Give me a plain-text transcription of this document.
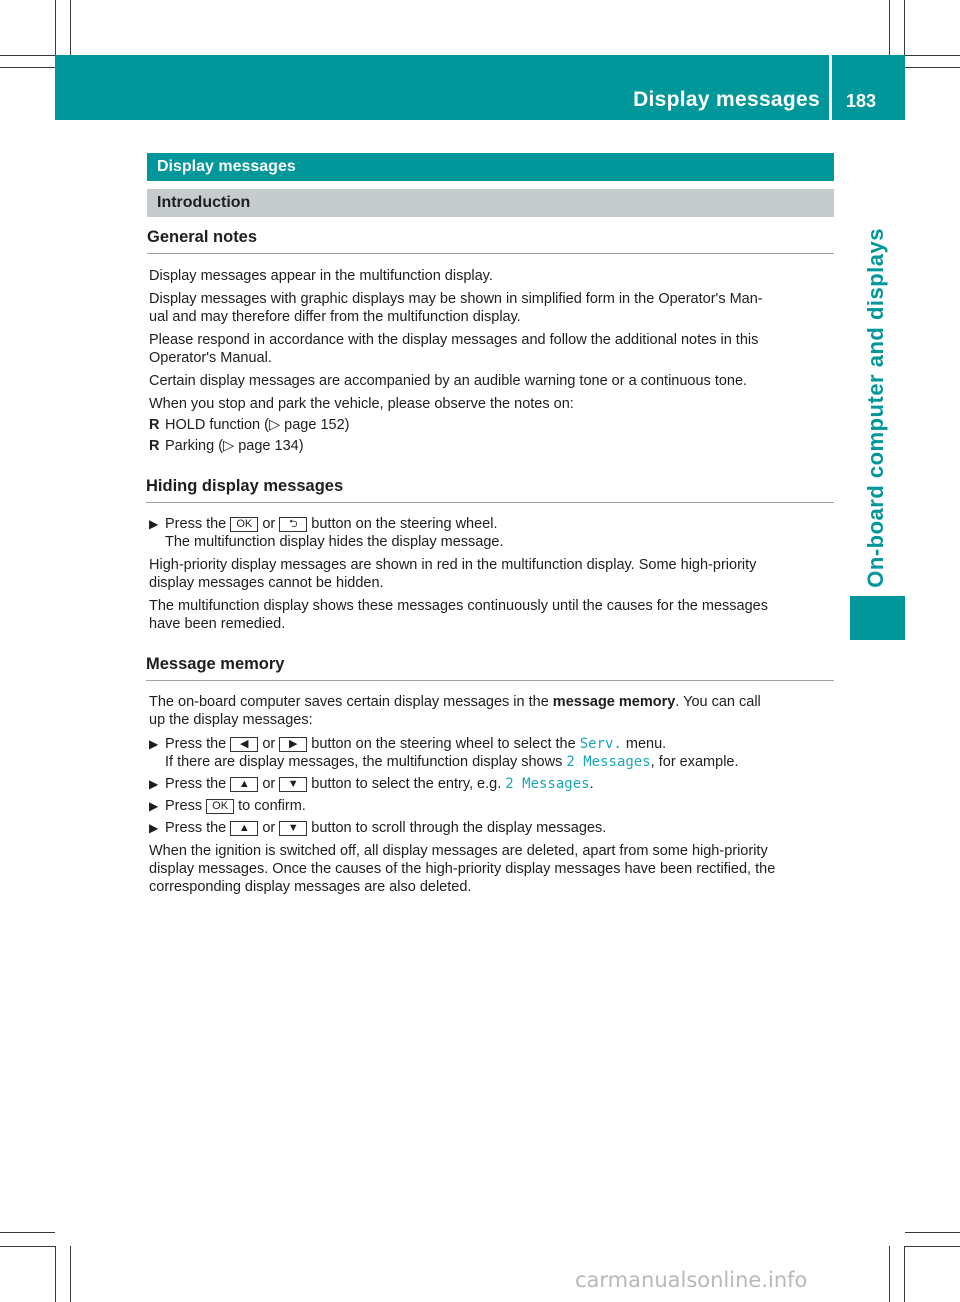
Display messages 183
On-board computer and displays
Display messages
Introduction
General notes

Display messages appear in the multifunction display.

Display messages with graphic displays may be shown in simplified form in the Operator's Man-

ual and may therefore differ from the multifunction display.

Please respond in accordance with the display messages and follow the additional notes in this

Operator's Manual.

Certain display messages are accompanied by an audible warning tone or a continuous tone.

When you stop and park the vehicle, please observe the notes on:

R HOLD function (▷ page 152)
R Parking (▷ page 134)
Hiding display messages
▶ Press the OK or ⮌ button on the steering wheel.

The multifunction display hides the display message.

High-priority display messages are shown in red in the multifunction display. Some high-priority

display messages cannot be hidden.

The multifunction display shows these messages continuously until the causes for the messages

have been remedied.

Message memory

The on-board computer saves certain display messages in the message memory. You can call

up the display messages:

▶ Press the ◀ or ▶ button on the steering wheel to select the Serv. menu.

If there are display messages, the multifunction display shows 2 Messages, for example.

▶ Press the ▲ or ▼ button to select the entry, e.g. 2 Messages.

▶ Press OK to confirm.

▶ Press the ▲ or ▼ button to scroll through the display messages.

When the ignition is switched off, all display messages are deleted, apart from some high-priority

display messages. Once the causes of the high-priority display messages have been rectified, the

corresponding display messages are also deleted.

carmanualsonline.info
